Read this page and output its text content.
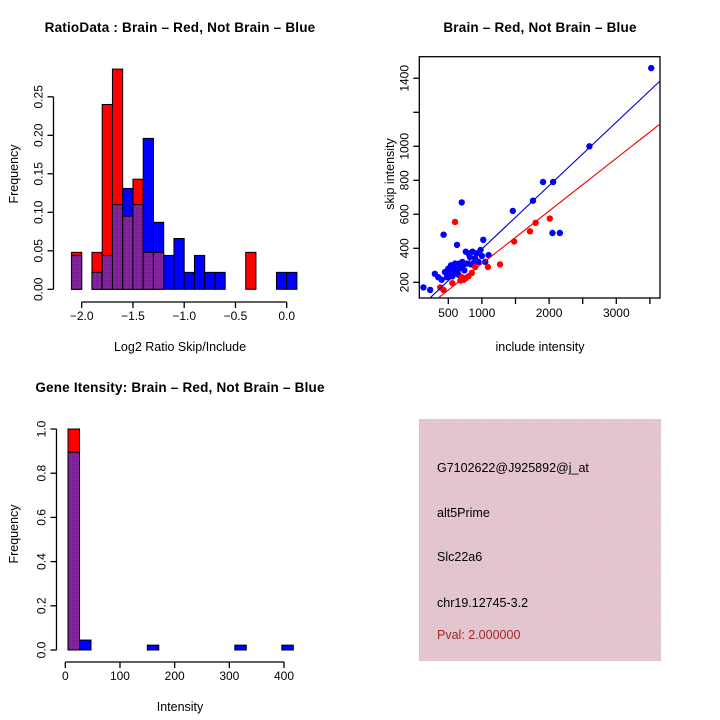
RatioData : Brain – Red, Not Brain – Blue
0.00
0.05
0.10
0.15
0.20
0.25
−2.0 −1.5 −1.0 −0.5	0.0
Log2 Ratio Skip/Include
Frequency
Brain – Red, Not Brain – Blue
500 1000	2000	3000
200
400
600
800
1000
1400
include intensity
skip intensity
Gene Itensity: Brain – Red, Not Brain – Blue
0.0
0.2
0.4
0.6
0.8
1.0
0	100	200	300	400
Intensity
Frequency
G7102622@J925892@j_at
alt5Prime
Slc22a6
chr19.12745-3.2
Pval: 2.000000
